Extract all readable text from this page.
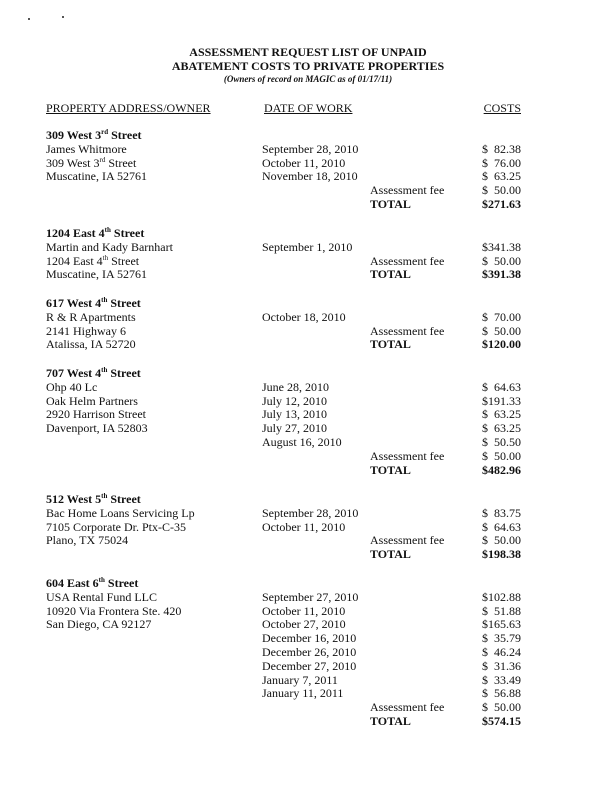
ASSESSMENT REQUEST LIST OF UNPAID
ABATEMENT COSTS TO PRIVATE PROPERTIES
(Owners of record on MAGIC as of 01/17/11)
PROPERTY ADDRESS/OWNER	DATE OF WORK	COSTS
309 West 3rd Street
James Whitmore	September 28, 2010	$  82.38
309 West 3rd Street	October 11, 2010	$  76.00
Muscatine, IA 52761	November 18, 2010	$  63.25
Assessment fee	$  50.00
TOTAL	$271.63
1204 East 4th Street
Martin and Kady Barnhart	September 1, 2010	$341.38
1204 East 4th Street	Assessment fee	$  50.00
Muscatine, IA 52761	TOTAL	$391.38
617 West 4th Street
R & R Apartments	October 18, 2010	$  70.00
2141 Highway 6	Assessment fee	$  50.00
Atalissa, IA 52720	TOTAL	$120.00
707 West 4th Street
Ohp 40 Lc	June 28, 2010	$  64.63
Oak Helm Partners	July 12, 2010	$191.33
2920 Harrison Street	July 13, 2010	$  63.25
Davenport, IA 52803	July 27, 2010	$  63.25
August 16, 2010	$  50.50
Assessment fee	$  50.00
TOTAL	$482.96
512 West 5th Street
Bac Home Loans Servicing Lp	September 28, 2010	$  83.75
7105 Corporate Dr. Ptx-C-35	October 11, 2010	$  64.63
Plano, TX 75024	Assessment fee	$  50.00
TOTAL	$198.38
604 East 6th Street
USA Rental Fund LLC	September 27, 2010	$102.88
10920 Via Frontera Ste. 420	October 11, 2010	$  51.88
San Diego, CA 92127	October 27, 2010	$165.63
December 16, 2010	$  35.79
December 26, 2010	$  46.24
December 27, 2010	$  31.36
January 7, 2011	$  33.49
January 11, 2011	$  56.88
Assessment fee	$  50.00
TOTAL	$574.15
